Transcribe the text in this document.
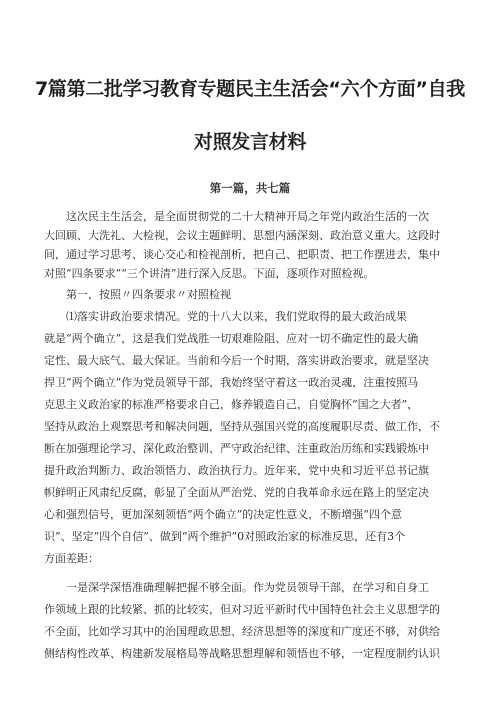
7篇第二批学习教育专题民主生活会“六个方面”自我
对照发言材料
第一篇，共七篇
　　这次民主生活会，是全面贯彻党的二十大精神开局之年党内政治生活的一次
大回顾、大洗礼、大检视，会议主题鲜明、思想内涵深刻、政治意义重大。这段时
间，通过学习思考、谈心交心和检视剖析，把自己、把职责、把工作摆进去，集中
对照“四条要求”“三个讲清”进行深入反思。下面，逐项作对照检视。
　　第一，按照〃四条要求〃对照检视
　　⑴落实讲政治要求情况。党的十八大以来，我们党取得的最大政治成果
就是“两个确立”，这是我们党战胜一切艰难险阻、应对一切不确定性的最大确
定性、最大底气、最大保证。当前和今后一个时期，落实讲政治要求，就是坚决
捍卫“两个确立”作为党员领导干部，我始终坚守着这一政治灵魂，注重按照马
克思主义政治家的标准严格要求自己，修养锻造自己，自觉胸怀“国之大者”，
坚持从政治上观察思考和解决问题，坚持从强国兴党的高度履职尽责、做工作，不
断在加强理论学习、深化政治整训、严守政治纪律、注重政治历练和实践锻炼中
提升政治判断力、政治领悟力、政治执行力。近年来，党中央和习近平总书记旗
帜鲜明正风肃纪反腐，彰显了全面从严治党、党的自我革命永远在路上的坚定决
心和强烈信号，更加深刻领悟“两个确立”的决定性意义，不断增强“四个意
识”、坚定“四个自信”、做到“两个维护”0对照政治家的标准反思，还有3个
方面差距：
　　一是深学深悟准确理解把握不够全面。作为党员领导干部，在学习和自身工
作领域上跟的比较紧、抓的比较实，但对习近平新时代中国特色社会主义思想学的
不全面，比如学习其中的治国理政思想、经济思想等的深度和广度还不够，对供给
侧结构性改革、构建新发展格局等战略思想理解和领悟也不够，一定程度制约认识
